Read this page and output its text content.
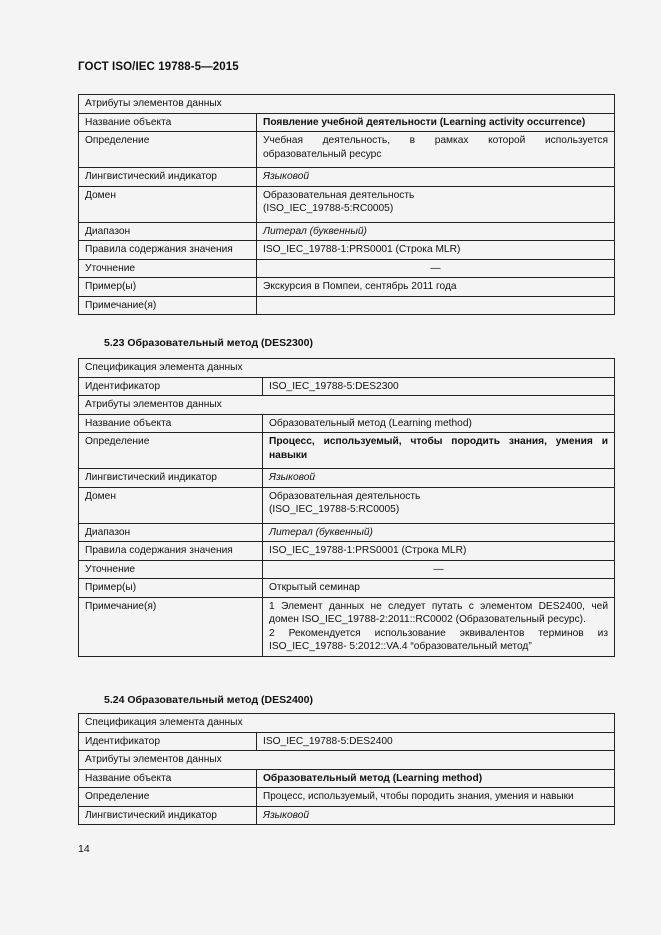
ГОСТ ISO/IEC 19788-5—2015
Атрибуты элементов данных	
Название объекта	Появление учебной деятельности (Learning activity occurrence)
Определение	Учебная деятельность, в рамках которой используется образовательный ресурс
Лингвистический индикатор	Языковой
Домен	Образовательная деятельность
(ISO_IEC_19788-5:RC0005)

Диапазон	Литерал (буквенный)
Правила содержания значения	ISO_IEC_19788-1:PRS0001 (Строка MLR)
Уточнение	—
Пример(ы)	Экскурсия в Помпеи, сентябрь 2011 года
Примечание(я)	
5.23 Образовательный метод (DES2300)
Спецификация элемента данных	
Идентификатор	ISO_IEC_19788-5:DES2300
Атрибуты элементов данных	
Название объекта	Образовательный метод (Learning method)
Определение	Процесс, используемый, чтобы породить знания, умения и навыки
Лингвистический индикатор	Языковой
Домен	Образовательная деятельность
(ISO_IEC_19788-5:RC0005)

Диапазон	Литерал (буквенный)
Правила содержания значения	ISO_IEC_19788-1:PRS0001 (Строка MLR)
Уточнение	—
Пример(ы)	Открытый семинар
Примечание(я)	1 Элемент данных не следует путать с элементом DES2400, чей домен ISO_IEC_19788-2:2011::RC0002 (Образовательный ресурс).
2 Рекомендуется использование эквивалентов терминов из ISO_IEC_19788- 5:2012::VA.4 “образовательный метод”
5.24 Образовательный метод (DES2400)
Спецификация элемента данных	
Идентификатор	ISO_IEC_19788-5:DES2400
Атрибуты элементов данных	
Название объекта	Образовательный метод (Learning method)
Определение	Процесс, используемый, чтобы породить знания, умения и навыки
Лингвистический индикатор	Языковой
14
